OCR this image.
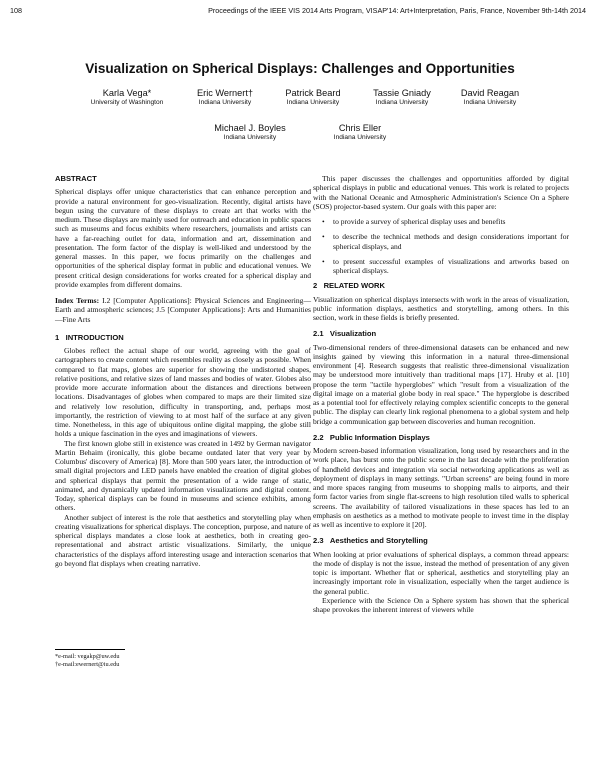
108	Proceedings of the IEEE VIS 2014 Arts Program, VISAP'14: Art+Interpretation, Paris, France, November 9th-14th 2014
Visualization on Spherical Displays: Challenges and Opportunities
Karla Vega*
University of Washington
Eric Wernert†
Indiana University
Patrick Beard
Indiana University
Tassie Gniady
Indiana University
David Reagan
Indiana University
Michael J. Boyles
Indiana University
Chris Eller
Indiana University
ABSTRACT

Spherical displays offer unique characteristics that can enhance perception and provide a natural environment for geo-visualization. Recently, digital artists have begun using the curvature of these displays to create art that works with the medium. These displays are mainly used for outreach and education in public spaces such as museums and focus exhibits where researchers, journalists and artists can have a far-reaching outlet for data, information and art, dissemination and presentation. The form factor of the display is well-liked and understood by the general masses. In this paper, we focus primarily on the challenges and opportunities of the spherical display format in public and educational venues. We present critical design considerations for works created for a spherical display and provide examples from different domains.

Index Terms: I.2 [Computer Applications]: Physical Sciences and Engineering—Earth and atmospheric sciences; J.5 [Computer Applications]: Arts and Humanities—Fine Arts
1 INTRODUCTION

Globes reflect the actual shape of our world, agreeing with the goal of cartographers to create content which resembles reality as closely as possible. When compared to flat maps, globes are superior for showing the undistorted shapes, relative positions, and relative sizes of land masses and bodies of water. Globes also provide more accurate information about the distances and directions between locations. Disadvantages of globes when compared to maps are their limited size and relatively low resolution, difficulty in transporting, and, perhaps most importantly, the restriction of viewing to at most half of the surface at any given time. Nonetheless, in this age of ubiquitous online digital mapping, the globe still holds a unique fascination in the eyes and imaginations of viewers.

The first known globe still in existence was created in 1492 by German navigator Martin Behaim (ironically, this globe became outdated later that very year by Columbus' discovery of America) [8]. More than 500 years later, the introduction of small digital projectors and LED panels have enabled the creation of digital globes and spherical displays that permit the presentation of a wide range of static, animated, and dynamically updated information visualizations and digital content. Today, spherical displays can be found in museums and science exhibits, among others.

Another subject of interest is the role that aesthetics and storytelling play when creating visualizations for spherical displays. The conception, purpose, and nature of spherical displays mandates a close look at aesthetics, both in creating geo-representational and abstract artistic visualizations. Similarly, the unique characteristics of the displays afford interesting usage and interaction scenarios that go beyond flat displays when creating narrative.

*e-mail: vegakp@uw.edu
†e-mail:ewernert@iu.edu

This paper discusses the challenges and opportunities afforded by digital spherical displays in public and educational venues. This work is related to projects with the National Oceanic and Atmospheric Administration's Science On a Sphere (SOS) projector-based system. Our goals with this paper are:

• to provide a survey of spherical display uses and benefits
• to describe the technical methods and design considerations important for spherical displays, and
• to present successful examples of visualizations and artworks based on spherical displays.
2 RELATED WORK

Visualization on spherical displays intersects with work in the areas of visualization, public information displays, aesthetics and storytelling, among others. In this section, work in these fields is briefly presented.

2.1 Visualization

Two-dimensional renders of three-dimensional datasets can be enhanced and new insights gained by viewing this information in a natural three-dimensional environment [4]. Research suggests that realistic three-dimensional visualization may be understood more intuitively than traditional maps [17]. Hruby et al. [10] propose the term "tactile hyperglobes" which "result from a visualization of the digital image on a material globe body in real space." The hyperglobe is described as a potential tool for effectively relaying complex scientific concepts to the general public. The display can clearly link regional phenomena to a global system and help bridge a communication gap between discoveries and human recognition.

2.2 Public Information Displays

Modern screen-based information visualization, long used by researchers and in the work place, has burst onto the public scene in the last decade with the proliferation of handheld devices and integration via social networking applications as well as deployment of displays in many settings. "Urban screens" are being found in more and more spaces ranging from museums to shopping malls to airports, and their form factor varies from single flat-screens to high resolution tiled walls to spherical screens. The availability of tailored visualizations in these spaces has led to an emphasis on aesthetics as a method to motivate people to invest time in the display as well as incentive to explore it [20].

2.3 Aesthetics and Storytelling

When looking at prior evaluations of spherical displays, a common thread appears: the mode of display is not the issue, instead the method of presentation of any given topic is important. Whether flat or spherical, aesthetics and storytelling play an increasingly important role in visualization, especially when the target audience is the general public.

Experience with the Science On a Sphere system has shown that the spherical shape provokes the inherent interest of viewers while
